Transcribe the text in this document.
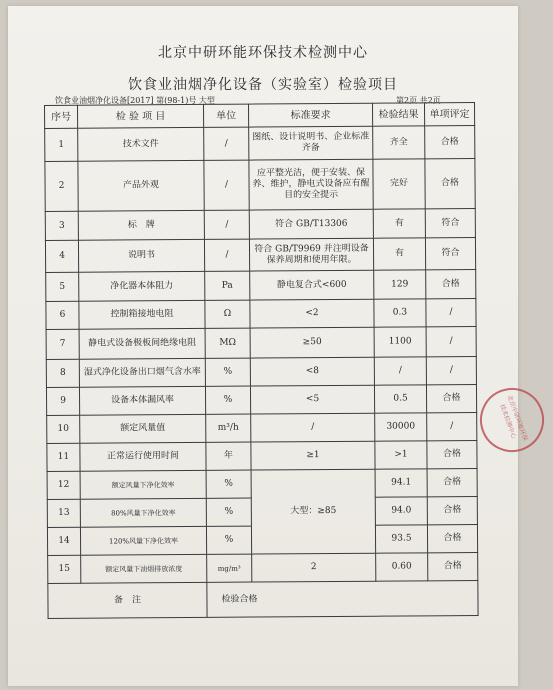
北京中研环能环保技术检测中心
饮食业油烟净化设备（实验室）检验项目
饮食业油烟净化设备[2017] 第(98-1)号 大型	第2页 共2页
序号	检 验 项 目	单位	标准要求	检验结果	单项评定
1	技术文件	/	图纸、设计说明书、企业标准齐备	齐全	合格
2	产品外观	/	应平整光洁，便于安装、保养、维护，静电式设备应有醒目的安全提示	完好	合格
3	标　牌	/	符合 GB/T13306	有	符合
4	说明书	/	符合 GB/T9969 并注明设备保养周期和使用年限。	有	符合
5	净化器本体阻力	Pa	静电复合式<600	129	合格
6	控制箱接地电阻	Ω	<2	0.3	/
7	静电式设备极板间绝缘电阻	MΩ	≥50	1100	/
8	湿式净化设备出口烟气含水率	%	<8	/	/
9	设备本体漏风率	%	<5	0.5	合格
10	额定风量值	m³/h	/	30000	/
11	正常运行使用时间	年	≥1	>1	合格
12	额定风量下净化效率	%	大型：≥85	94.1	合格
13	80%风量下净化效率	%		94.0	合格
14	120%风量下净化效率	%		93.5	合格
15	额定风量下油烟排放浓度	mg/m³	2	0.60	合格
备　注		检验合格			
北京中研环能环保技术检测中心
